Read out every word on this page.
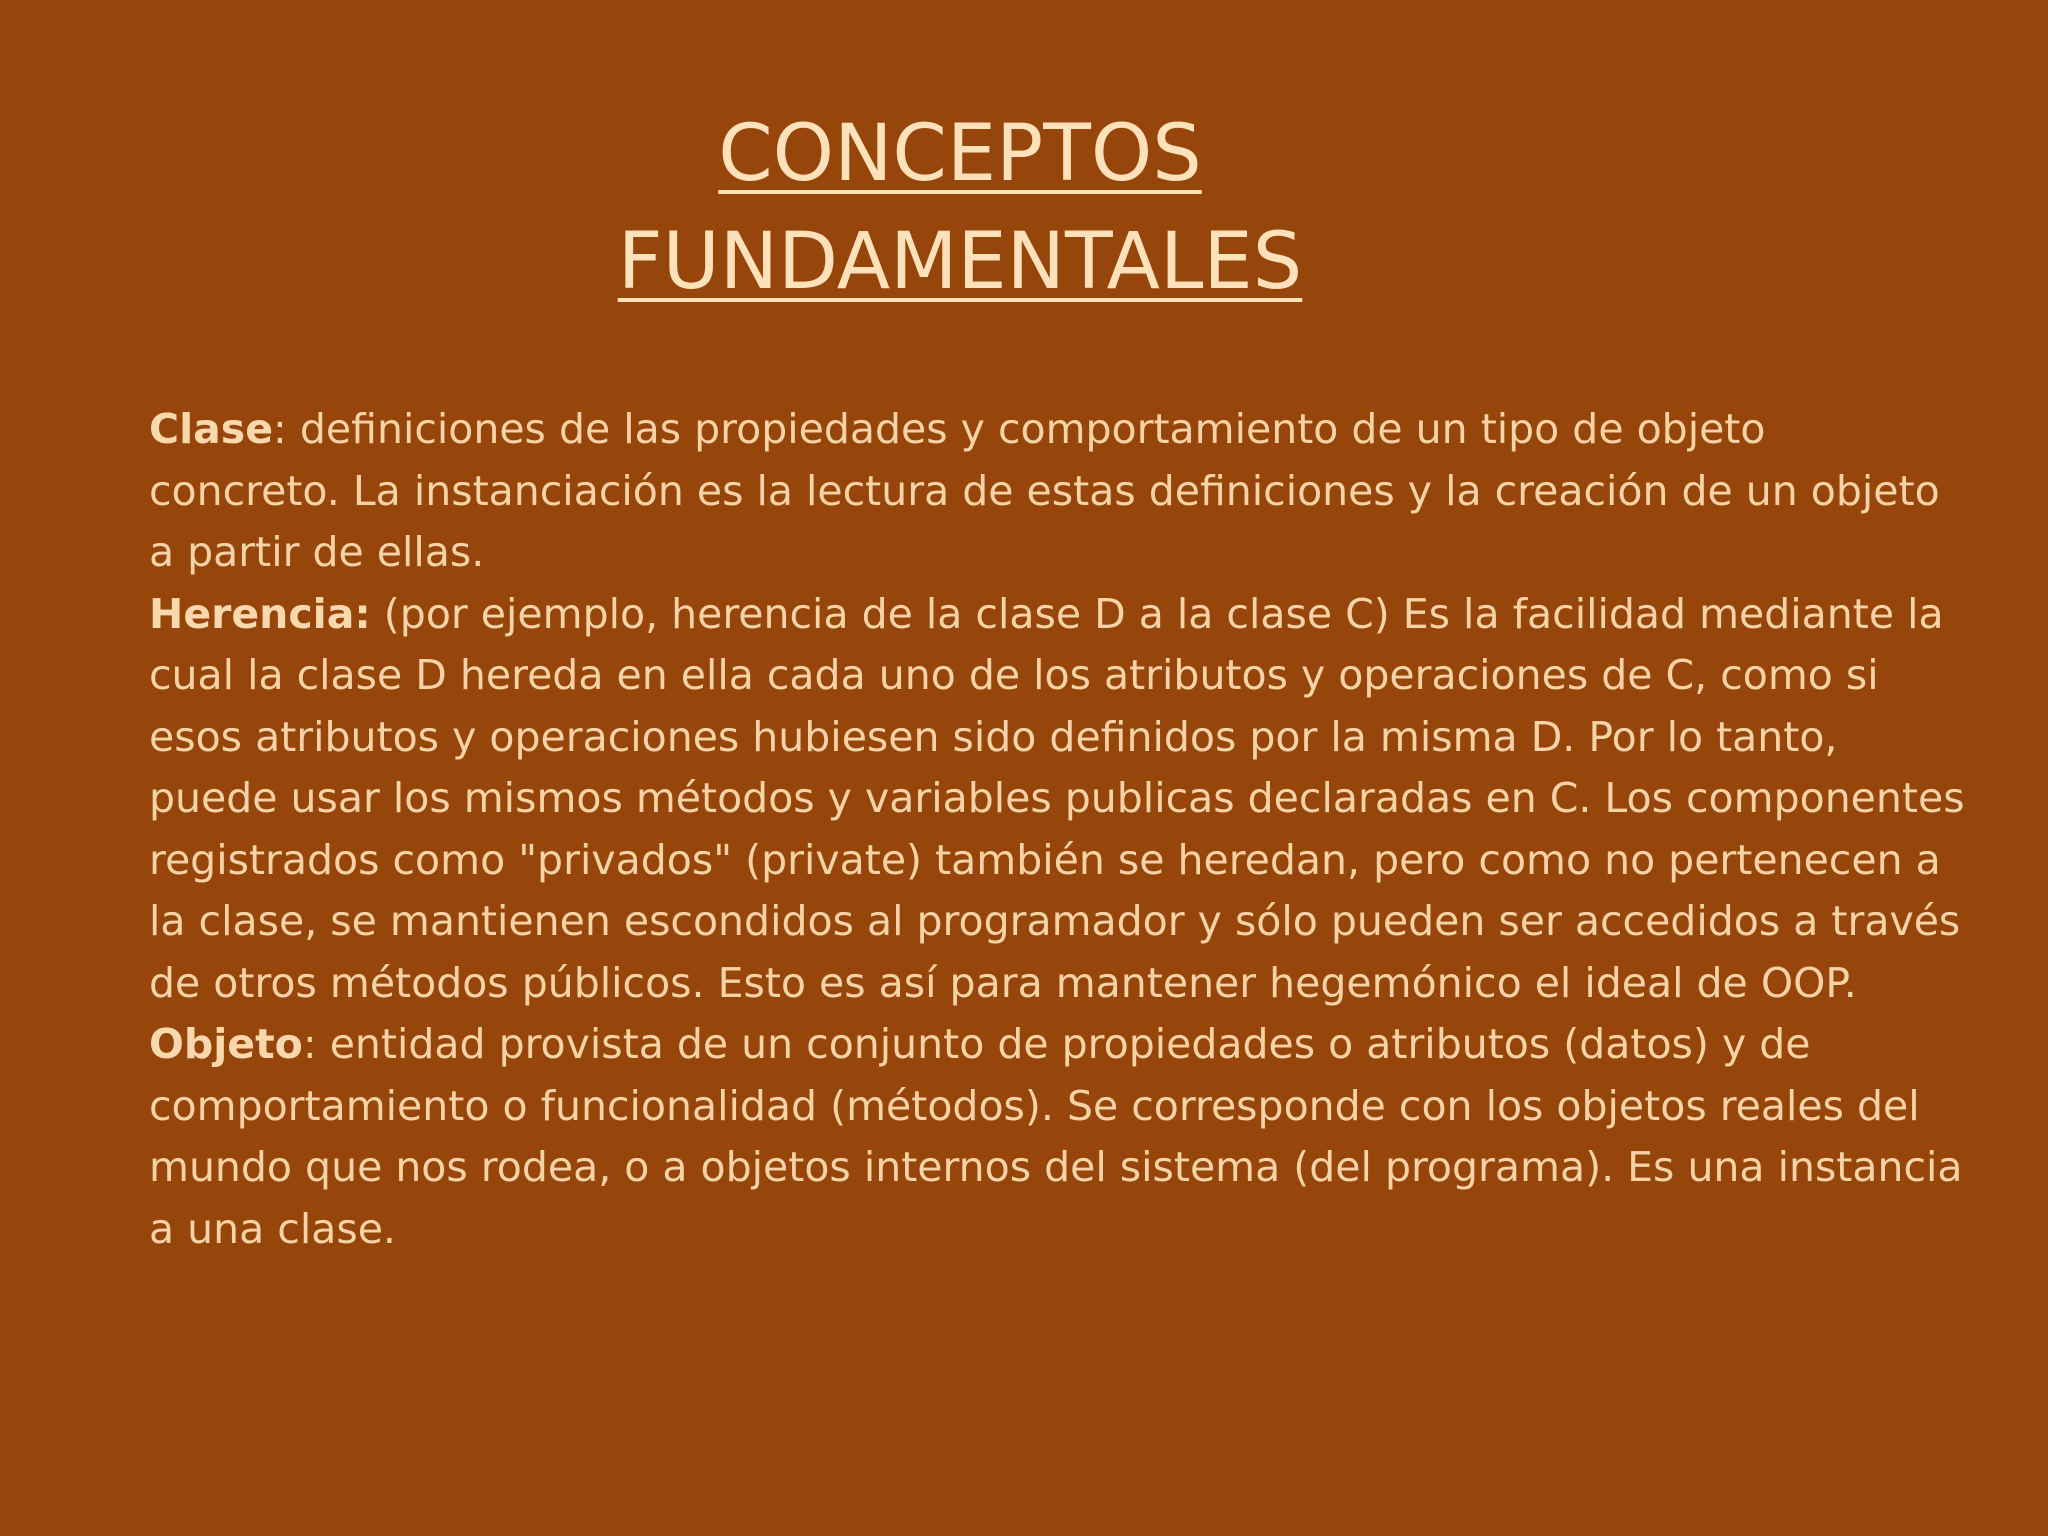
CONCEPTOS
FUNDAMENTALES

Clase: definiciones de las propiedades y comportamiento de un tipo de objeto concreto. La instanciación es la lectura de estas definiciones y la creación de un objeto a partir de ellas.

Herencia: (por ejemplo, herencia de la clase D a la clase C) Es la facilidad mediante la cual la clase D hereda en ella cada uno de los atributos y operaciones de C, como si esos atributos y operaciones hubiesen sido definidos por la misma D. Por lo tanto, puede usar los mismos métodos y variables publicas declaradas en C. Los componentes registrados como "privados" (private) también se heredan, pero como no pertenecen a la clase, se mantienen escondidos al programador y sólo pueden ser accedidos a través de otros métodos públicos. Esto es así para mantener hegemónico el ideal de OOP.

Objeto: entidad provista de un conjunto de propiedades o atributos (datos) y de comportamiento o funcionalidad (métodos). Se corresponde con los objetos reales del mundo que nos rodea, o a objetos internos del sistema (del programa). Es una instancia a una clase.
